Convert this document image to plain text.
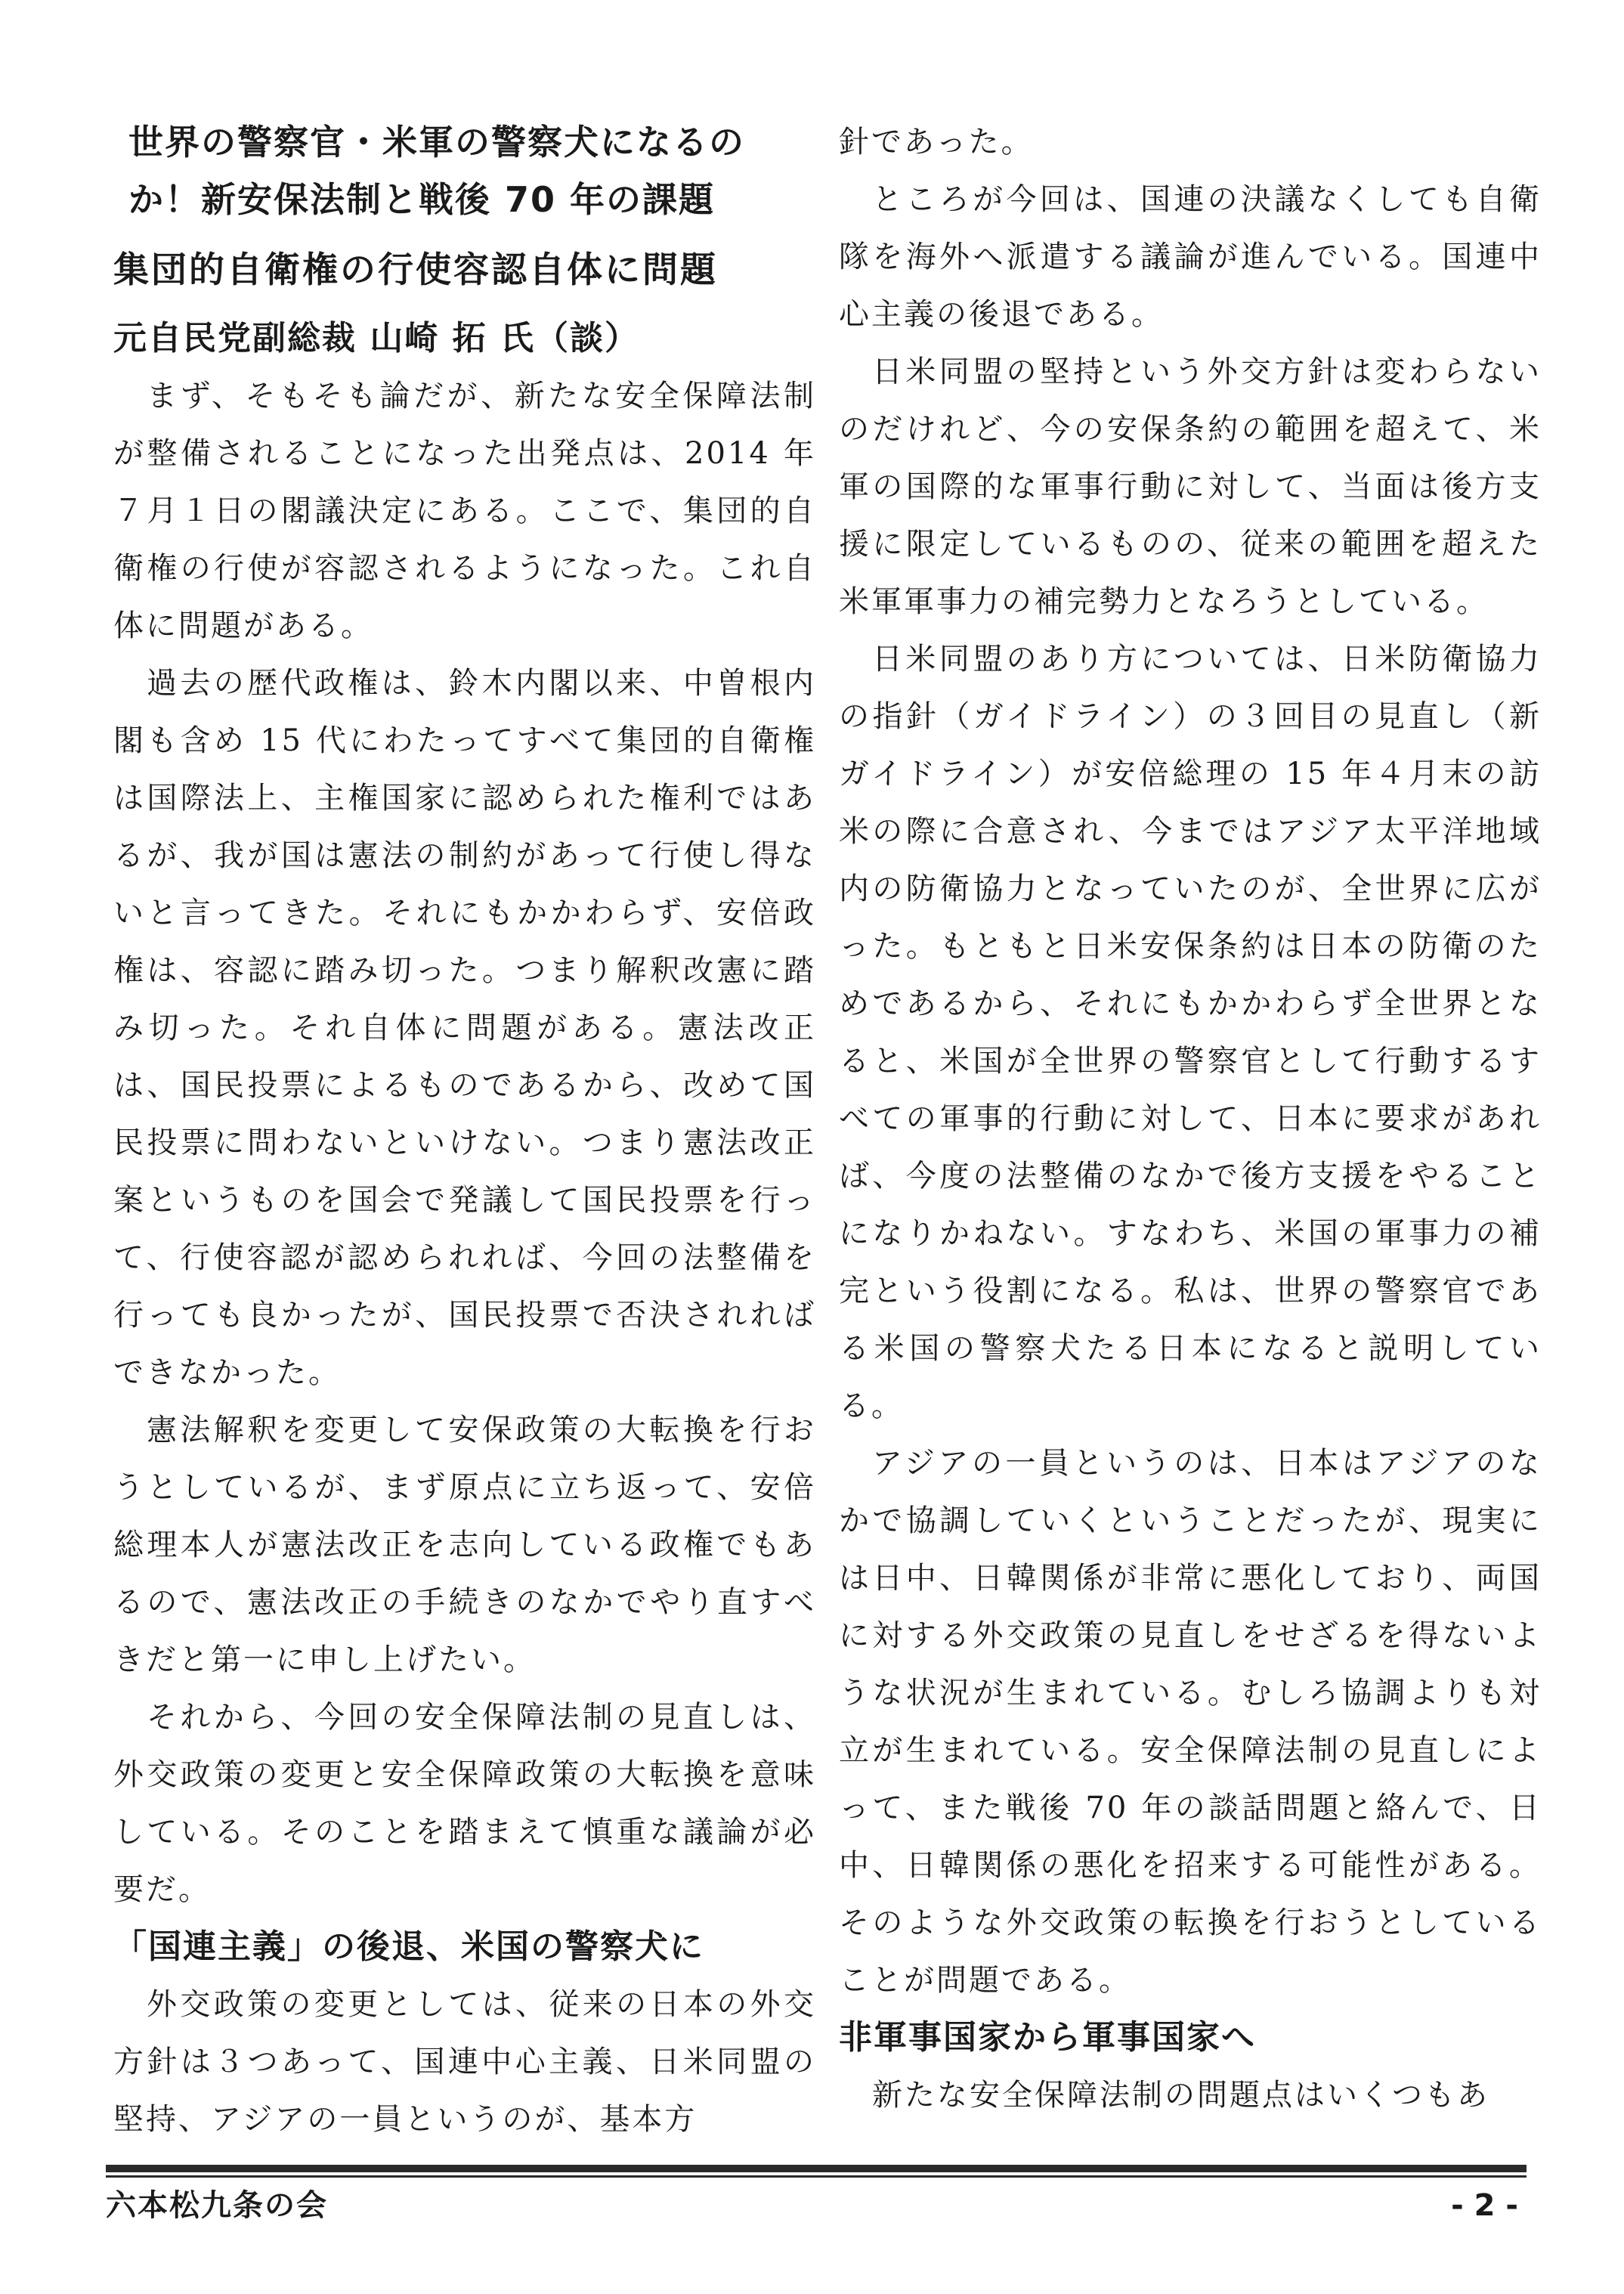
世界の警察官・米軍の警察犬になるのか！新安保法制と戦後 70 年の課題
集団的自衛権の行使容認自体に問題
元自民党副総裁 山崎 拓 氏（談）

まず、そもそも論だが、新たな安全保障法制が整備されることになった出発点は、2014 年７月１日の閣議決定にある。ここで、集団的自衛権の行使が容認されるようになった。これ自体に問題がある。

過去の歴代政権は、鈴木内閣以来、中曽根内閣も含め 15 代にわたってすべて集団的自衛権は国際法上、主権国家に認められた権利ではあるが、我が国は憲法の制約があって行使し得ないと言ってきた。それにもかかわらず、安倍政権は、容認に踏み切った。つまり解釈改憲に踏み切った。それ自体に問題がある。憲法改正は、国民投票によるものであるから、改めて国民投票に問わないといけない。つまり憲法改正案というものを国会で発議して国民投票を行って、行使容認が認められれば、今回の法整備を行っても良かったが、国民投票で否決されればできなかった。

憲法解釈を変更して安保政策の大転換を行おうとしているが、まず原点に立ち返って、安倍総理本人が憲法改正を志向している政権でもあるので、憲法改正の手続きのなかでやり直すべきだと第一に申し上げたい。

それから、今回の安全保障法制の見直しは、外交政策の変更と安全保障政策の大転換を意味している。そのことを踏まえて慎重な議論が必要だ。

「国連主義」の後退、米国の警察犬に

外交政策の変更としては、従来の日本の外交方針は３つあって、国連中心主義、日米同盟の堅持、アジアの一員というのが、基本方

針であった。

ところが今回は、国連の決議なくしても自衛隊を海外へ派遣する議論が進んでいる。国連中心主義の後退である。

日米同盟の堅持という外交方針は変わらないのだけれど、今の安保条約の範囲を超えて、米軍の国際的な軍事行動に対して、当面は後方支援に限定しているものの、従来の範囲を超えた米軍軍事力の補完勢力となろうとしている。

日米同盟のあり方については、日米防衛協力の指針（ガイドライン）の３回目の見直し（新ガイドライン）が安倍総理の 15 年４月末の訪米の際に合意され、今まではアジア太平洋地域内の防衛協力となっていたのが、全世界に広がった。もともと日米安保条約は日本の防衛のためであるから、それにもかかわらず全世界となると、米国が全世界の警察官として行動するすべての軍事的行動に対して、日本に要求があれば、今度の法整備のなかで後方支援をやることになりかねない。すなわち、米国の軍事力の補完という役割になる。私は、世界の警察官である米国の警察犬たる日本になると説明している。

アジアの一員というのは、日本はアジアのなかで協調していくということだったが、現実には日中、日韓関係が非常に悪化しており、両国に対する外交政策の見直しをせざるを得ないような状況が生まれている。むしろ協調よりも対立が生まれている。安全保障法制の見直しによって、また戦後 70 年の談話問題と絡んで、日中、日韓関係の悪化を招来する可能性がある。そのような外交政策の転換を行おうとしていることが問題である。

非軍事国家から軍事国家へ

新たな安全保障法制の問題点はいくつもあ

六本松九条の会	- 2 -
